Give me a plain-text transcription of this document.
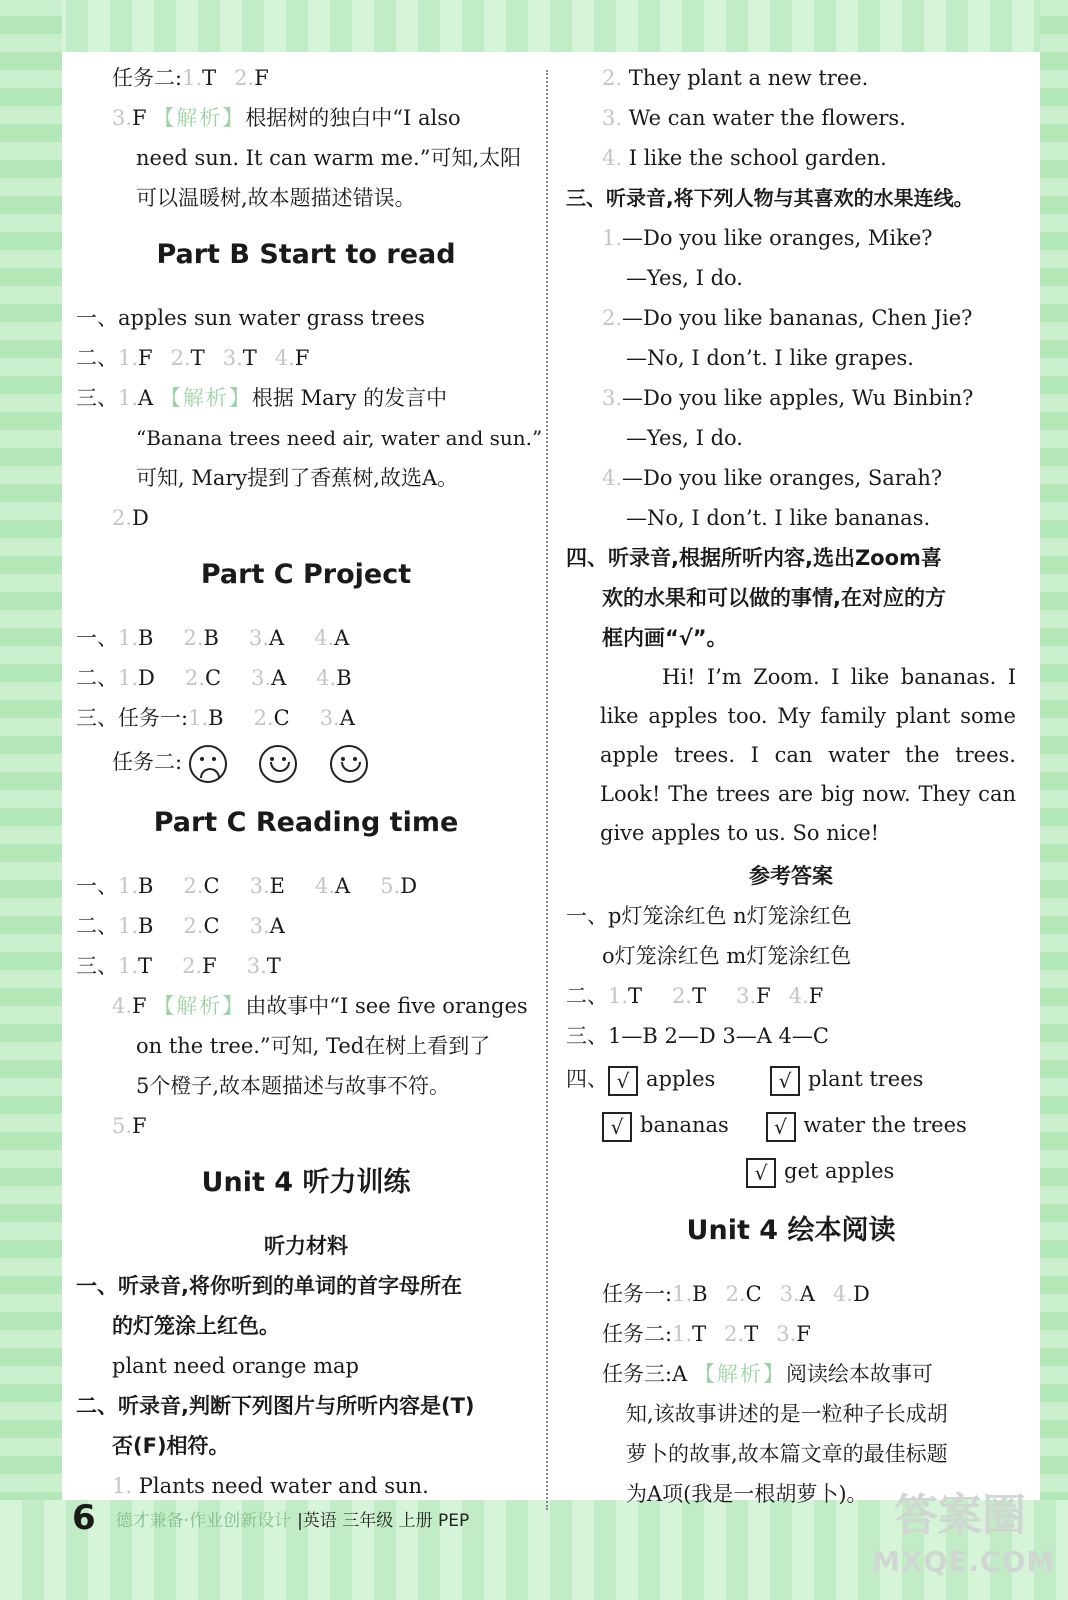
任务二:1.T 2.F
3.F 【解析】根据树的独白中“I also
need sun. It can warm me.”可知,太阳
可以温暖树,故本题描述错误。
Part B Start to read
一、apples sun water grass trees
二、1.F 2.T 3.T 4.F
三、1.A 【解析】根据 Mary 的发言中
“Banana trees need air, water and sun.”
可知, Mary提到了香蕉树,故选A。
2.D
Part C Project
一、1.B 2.B 3.A 4.A
二、1.D 2.C 3.A 4.B
三、任务一:1.B 2.C 3.A
任务二:

Part C Reading time
一、1.B 2.C 3.E 4.A 5.D
二、1.B 2.C 3.A
三、1.T 2.F 3.T
4.F 【解析】由故事中“I see five oranges
on the tree.”可知, Ted在树上看到了
5个橙子,故本题描述与故事不符。
5.F
Unit 4 听力训练
听力材料
一、听录音,将你听到的单词的首字母所在
的灯笼涂上红色。
plant need orange map
二、听录音,判断下列图片与所听内容是(T)
否(F)相符。
1. Plants need water and sun.
2. They plant a new tree.
3. We can water the flowers.
4. I like the school garden.
三、听录音,将下列人物与其喜欢的水果连线。
1.—Do you like oranges, Mike?
—Yes, I do.
2.—Do you like bananas, Chen Jie?
—No, I don’t. I like grapes.
3.—Do you like apples, Wu Binbin?
—Yes, I do.
4.—Do you like oranges, Sarah?
—No, I don’t. I like bananas.
四、听录音,根据所听内容,选出Zoom喜
欢的水果和可以做的事情,在对应的方
框内画“√”。
Hi! I’m Zoom. I like bananas. I like apples too. My family plant some apple trees. I can water the trees. Look! The trees are big now. They can give apples to us. So nice!
参考答案
一、p灯笼涂红色 n灯笼涂红色
o灯笼涂红色 m灯笼涂红色
二、1.T 2.T 3.F 4.F
三、1—B 2—D 3—A 4—C
四、 √ apples	√ plant trees
√ bananas √ water the trees
√ get apples
Unit 4 绘本阅读
任务一:1.B 2.C 3.A 4.D
任务二:1.T 2.T 3.F
任务三:A 【解析】阅读绘本故事可
知,该故事讲述的是一粒种子长成胡
萝卜的故事,故本篇文章的最佳标题
为A项(我是一根胡萝卜)。
6 德才兼备·作业创新设计 |英语 三年级 上册 PEP	答案圈
MXQE.COM
